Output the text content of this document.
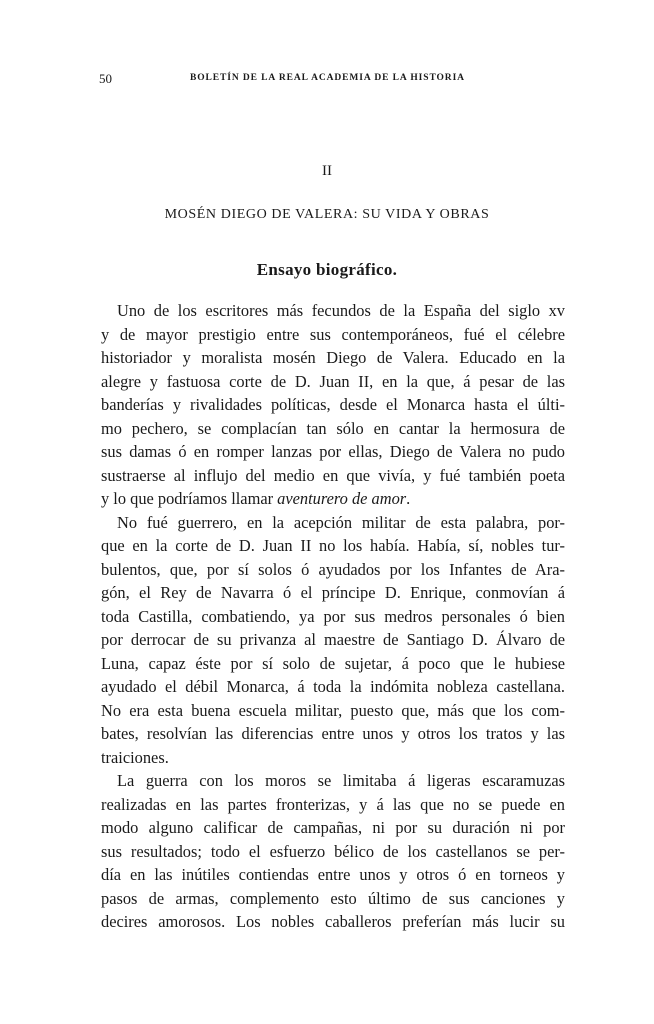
50	BOLETÍN DE LA REAL ACADEMIA DE LA HISTORIA
II
MOSÉN DIEGO DE VALERA: SU VIDA Y OBRAS
Ensayo biográfico.
Uno de los escritores más fecundos de la España del siglo xv
y de mayor prestigio entre sus contemporáneos, fué el célebre
historiador y moralista mosén Diego de Valera. Educado en la
alegre y fastuosa corte de D. Juan II, en la que, á pesar de las
banderías y rivalidades políticas, desde el Monarca hasta el últi-
mo pechero, se complacían tan sólo en cantar la hermosura de
sus damas ó en romper lanzas por ellas, Diego de Valera no pudo
sustraerse al influjo del medio en que vivía, y fué también poeta
y lo que podríamos llamar aventurero de amor.
No fué guerrero, en la acepción militar de esta palabra, por-
que en la corte de D. Juan II no los había. Había, sí, nobles tur-
bulentos, que, por sí solos ó ayudados por los Infantes de Ara-
gón, el Rey de Navarra ó el príncipe D. Enrique, conmovían á
toda Castilla, combatiendo, ya por sus medros personales ó bien
por derrocar de su privanza al maestre de Santiago D. Álvaro de
Luna, capaz éste por sí solo de sujetar, á poco que le hubiese
ayudado el débil Monarca, á toda la indómita nobleza castellana.
No era esta buena escuela militar, puesto que, más que los com-
bates, resolvían las diferencias entre unos y otros los tratos y las
traiciones.
La guerra con los moros se limitaba á ligeras escaramuzas
realizadas en las partes fronterizas, y á las que no se puede en
modo alguno calificar de campañas, ni por su duración ni por
sus resultados; todo el esfuerzo bélico de los castellanos se per-
día en las inútiles contiendas entre unos y otros ó en torneos y
pasos de armas, complemento esto último de sus canciones y
decires amorosos. Los nobles caballeros preferían más lucir su
